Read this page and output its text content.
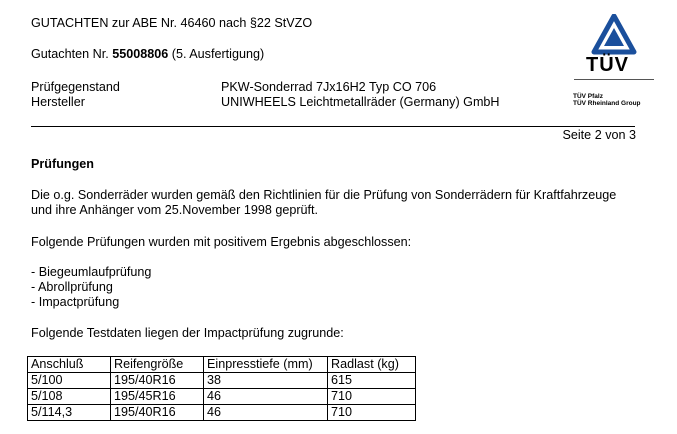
GUTACHTEN zur ABE Nr. 46460 nach §22 StVZO
Gutachten Nr. 55008806 (5. Ausfertigung)
Prüfgegenstand	PKW-Sonderrad 7Jx16H2 Typ CO 706
Hersteller	UNIWHEELS Leichtmetallräder (Germany) GmbH
TÜV
TÜV Pfalz
TÜV Rheinland Group
Seite 2 von 3
Prüfungen
Die o.g. Sonderräder wurden gemäß den Richtlinien für die Prüfung von Sonderrädern für Kraftfahrzeuge und ihre Anhänger vom 25.November 1998 geprüft.
Folgende Prüfungen wurden mit positivem Ergebnis abgeschlossen:
- Biegeumlaufprüfung
- Abrollprüfung
- Impactprüfung
Folgende Testdaten liegen der Impactprüfung zugrunde:
Anschluß	Reifengröße	Einpresstiefe (mm)	Radlast (kg)
5/100	195/40R16	38	615
5/108	195/45R16	46	710
5/114,3	195/40R16	46	710
